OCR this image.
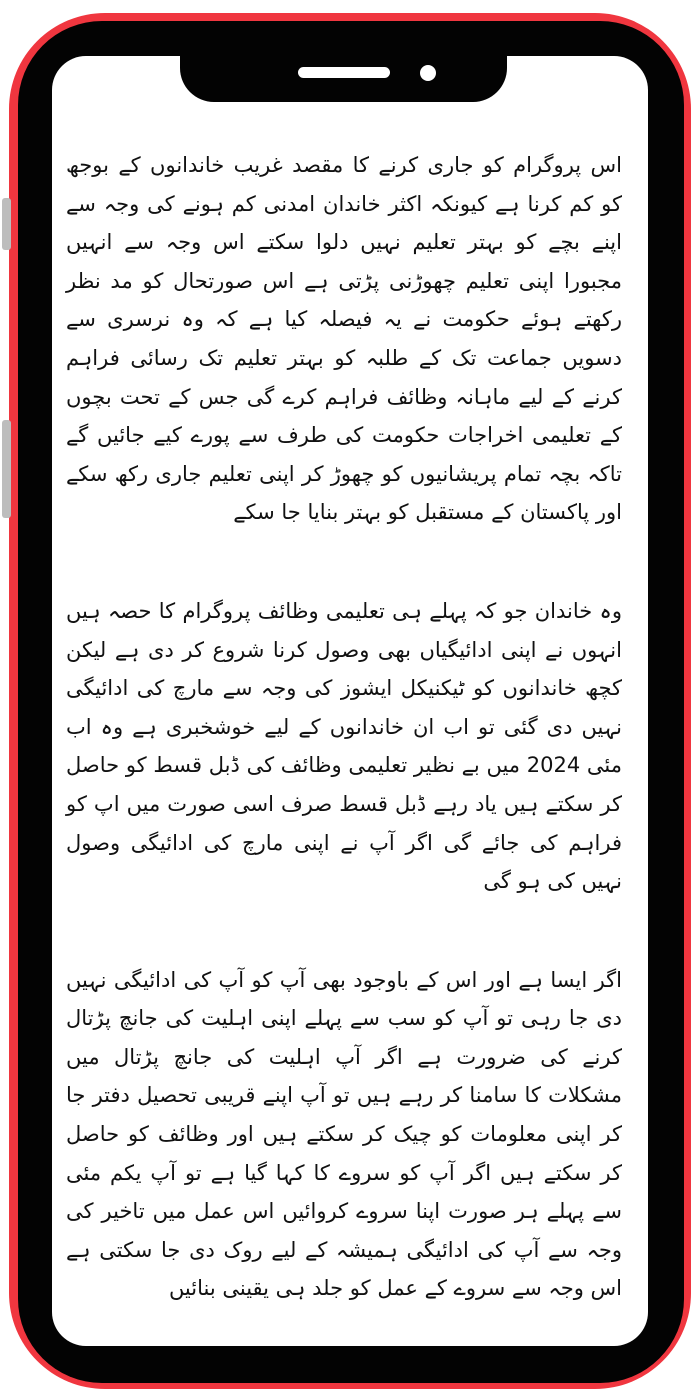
اس پروگرام کو جاری کرنے کا مقصد غریب خاندانوں کے بوجھ کو کم کرنا ہے کیونکہ اکثر خاندان امدنی کم ہونے کی وجہ سے اپنے بچے کو بہتر تعلیم نہیں دلوا سکتے اس وجہ سے انہیں مجبورا اپنی تعلیم چھوڑنی پڑتی ہے اس صورتحال کو مد نظر رکھتے ہوئے حکومت نے یہ فیصلہ کیا ہے کہ وہ نرسری سے دسویں جماعت تک کے طلبہ کو بہتر تعلیم تک رسائی فراہم کرنے کے لیے ماہانہ وظائف فراہم کرے گی جس کے تحت بچوں کے تعلیمی اخراجات حکومت کی طرف سے پورے کیے جائیں گے تاکہ بچہ تمام پریشانیوں کو چھوڑ کر اپنی تعلیم جاری رکھ سکے اور پاکستان کے مستقبل کو بہتر بنایا جا سکے

وہ خاندان جو کہ پہلے ہی تعلیمی وظائف پروگرام کا حصہ ہیں انہوں نے اپنی ادائیگیاں بھی وصول کرنا شروع کر دی ہے لیکن کچھ خاندانوں کو ٹیکنیکل ایشوز کی وجہ سے مارچ کی ادائیگی نہیں دی گئی تو اب ان خاندانوں کے لیے خوشخبری ہے وہ اب مئی 2024 میں بے نظیر تعلیمی وظائف کی ڈبل قسط کو حاصل کر سکتے ہیں یاد رہے ڈبل قسط صرف اسی صورت میں اپ کو فراہم کی جائے گی اگر آپ نے اپنی مارچ کی ادائیگی وصول نہیں کی ہو گی

اگر ایسا ہے اور اس کے باوجود بھی آپ کو آپ کی ادائیگی نہیں دی جا رہی تو آپ کو سب سے پہلے اپنی اہلیت کی جانچ پڑتال کرنے کی ضرورت ہے اگر آپ اہلیت کی جانچ پڑتال میں مشکلات کا سامنا کر رہے ہیں تو آپ اپنے قریبی تحصیل دفتر جا کر اپنی معلومات کو چیک کر سکتے ہیں اور وظائف کو حاصل کر سکتے ہیں اگر آپ کو سروے کا کہا گیا ہے تو آپ یکم مئی سے پہلے ہر صورت اپنا سروے کروائیں اس عمل میں تاخیر کی وجہ سے آپ کی ادائیگی ہمیشہ کے لیے روک دی جا سکتی ہے اس وجہ سے سروے کے عمل کو جلد ہی یقینی بنائیں
